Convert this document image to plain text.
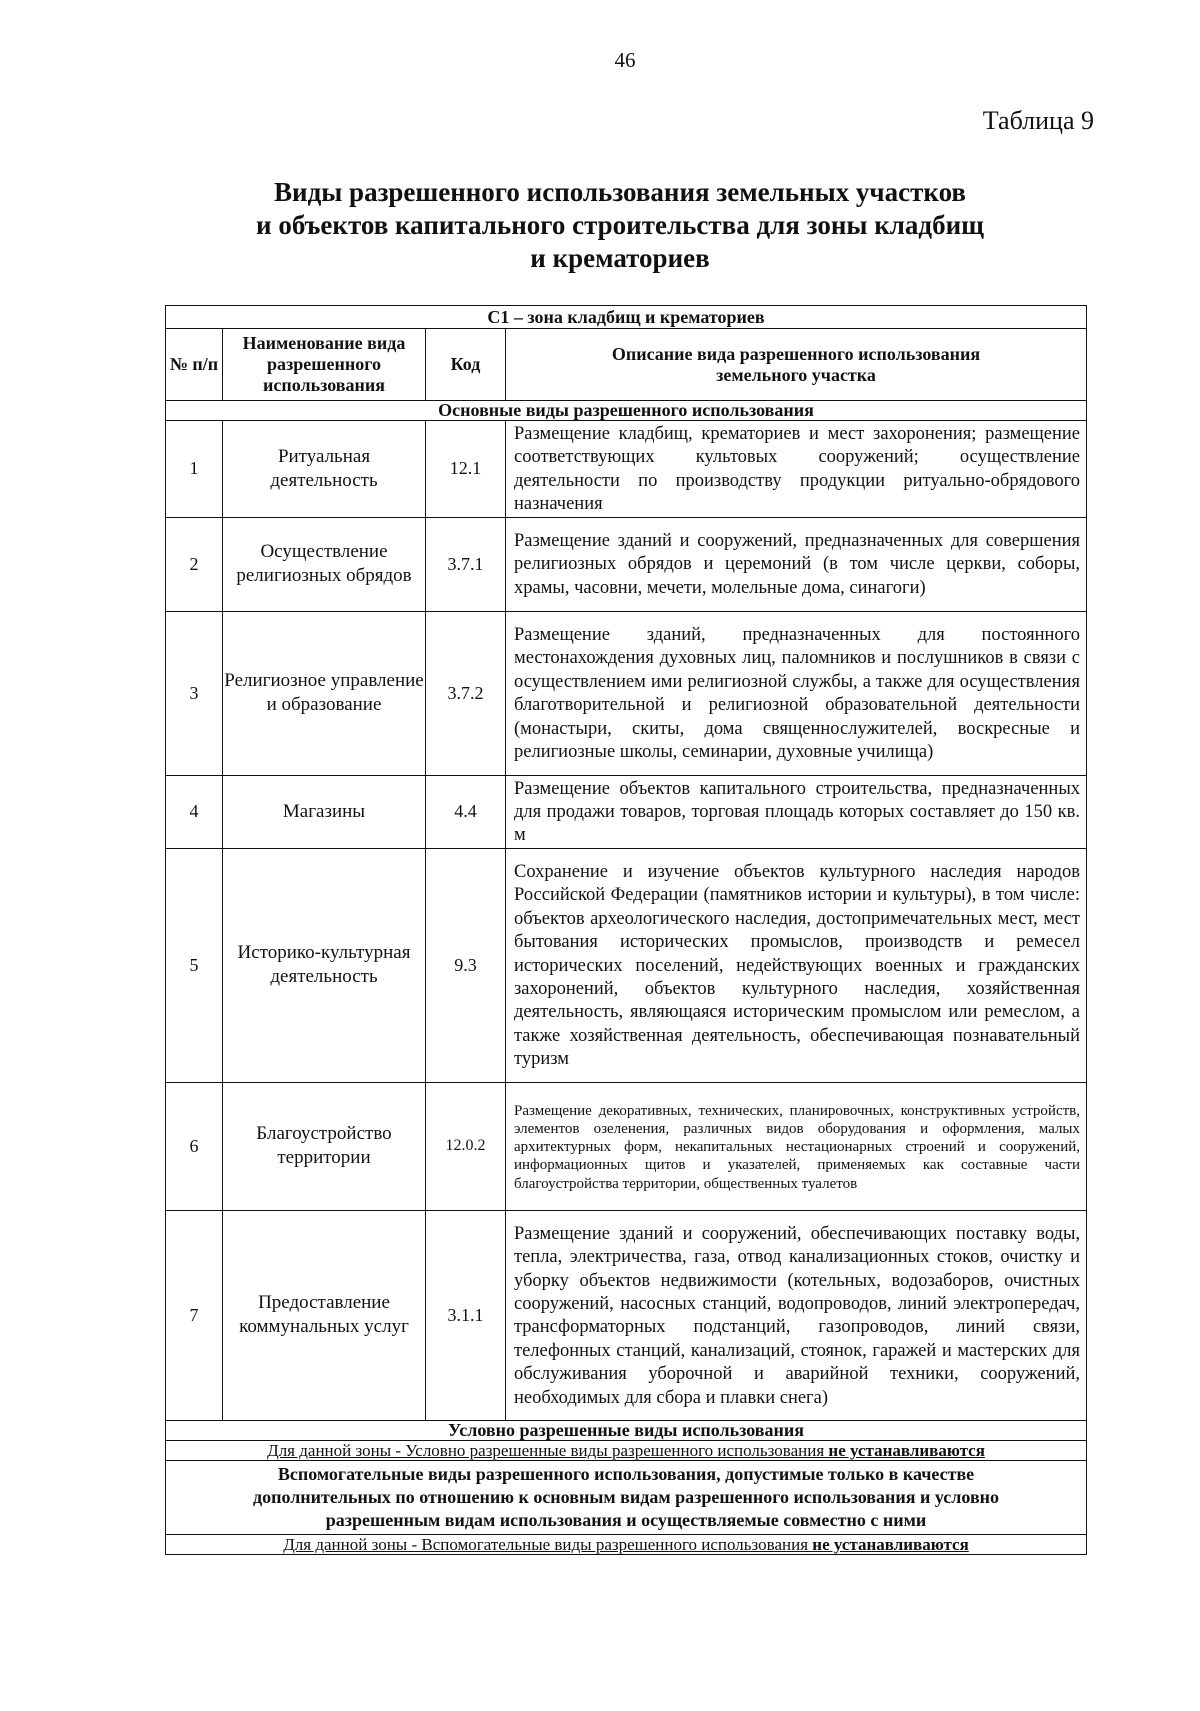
46
Таблица 9
Виды разрешенного использования земельных участков
и объектов капитального строительства для зоны кладбищ
и крематориев
С1 – зона кладбищ и крематориев			
№ п/п	Наименование вида разрешенного использования	Код	Описание вида разрешенного использования земельного участка
Основные виды разрешенного использования			
1	Ритуальная деятельность	12.1	Размещение кладбищ, крематориев и мест захоронения; размещение соответствующих культовых сооружений; осуществление деятельности по производству продукции ритуально-обрядового назначения
2	Осуществление религиозных обрядов	3.7.1	Размещение зданий и сооружений, предназначенных для совершения религиозных обрядов и церемоний (в том числе церкви, соборы, храмы, часовни, мечети, молельные дома, синагоги)
3	Религиозное управление и образование	3.7.2	Размещение зданий, предназначенных для постоянного местонахождения духовных лиц, паломников и послушников в связи с осуществлением ими религиозной службы, а также для осуществления благотворительной и религиозной образовательной деятельности (монастыри, скиты, дома священнослужителей, воскресные и религиозные школы, семинарии, духовные училища)
4	Магазины	4.4	Размещение объектов капитального строительства, предназначенных для продажи товаров, торговая площадь которых составляет до 150 кв. м
5	Историко-культурная деятельность	9.3	Сохранение и изучение объектов культурного наследия народов Российской Федерации (памятников истории и культуры), в том числе: объектов археологического наследия, достопримечательных мест, мест бытования исторических промыслов, производств и ремесел исторических поселений, недействующих военных и гражданских захоронений, объектов культурного наследия, хозяйственная деятельность, являющаяся историческим промыслом или ремеслом, а также хозяйственная деятельность, обеспечивающая познавательный туризм
6	Благоустройство территории	12.0.2	Размещение декоративных, технических, планировочных, конструктивных устройств, элементов озеленения, различных видов оборудования и оформления, малых архитектурных форм, некапитальных нестационарных строений и сооружений, информационных щитов и указателей, применяемых как составные части благоустройства территории, общественных туалетов
7	Предоставление коммунальных услуг	3.1.1	Размещение зданий и сооружений, обеспечивающих поставку воды, тепла, электричества, газа, отвод канализационных стоков, очистку и уборку объектов недвижимости (котельных, водозаборов, очистных сооружений, насосных станций, водопроводов, линий электропередач, трансформаторных подстанций, газопроводов, линий связи, телефонных станций, канализаций, стоянок, гаражей и мастерских для обслуживания уборочной и аварийной техники, сооружений, необходимых для сбора и плавки снега)
Условно разрешенные виды использования			
Для данной зоны - Условно разрешенные виды разрешенного использования не устанавливаются			
Вспомогательные виды разрешенного использования, допустимые только в качестве дополнительных по отношению к основным видам разрешенного использования и условно разрешенным видам использования и осуществляемые совместно с ними			
Для данной зоны - Вспомогательные виды разрешенного использования не устанавливаются			
